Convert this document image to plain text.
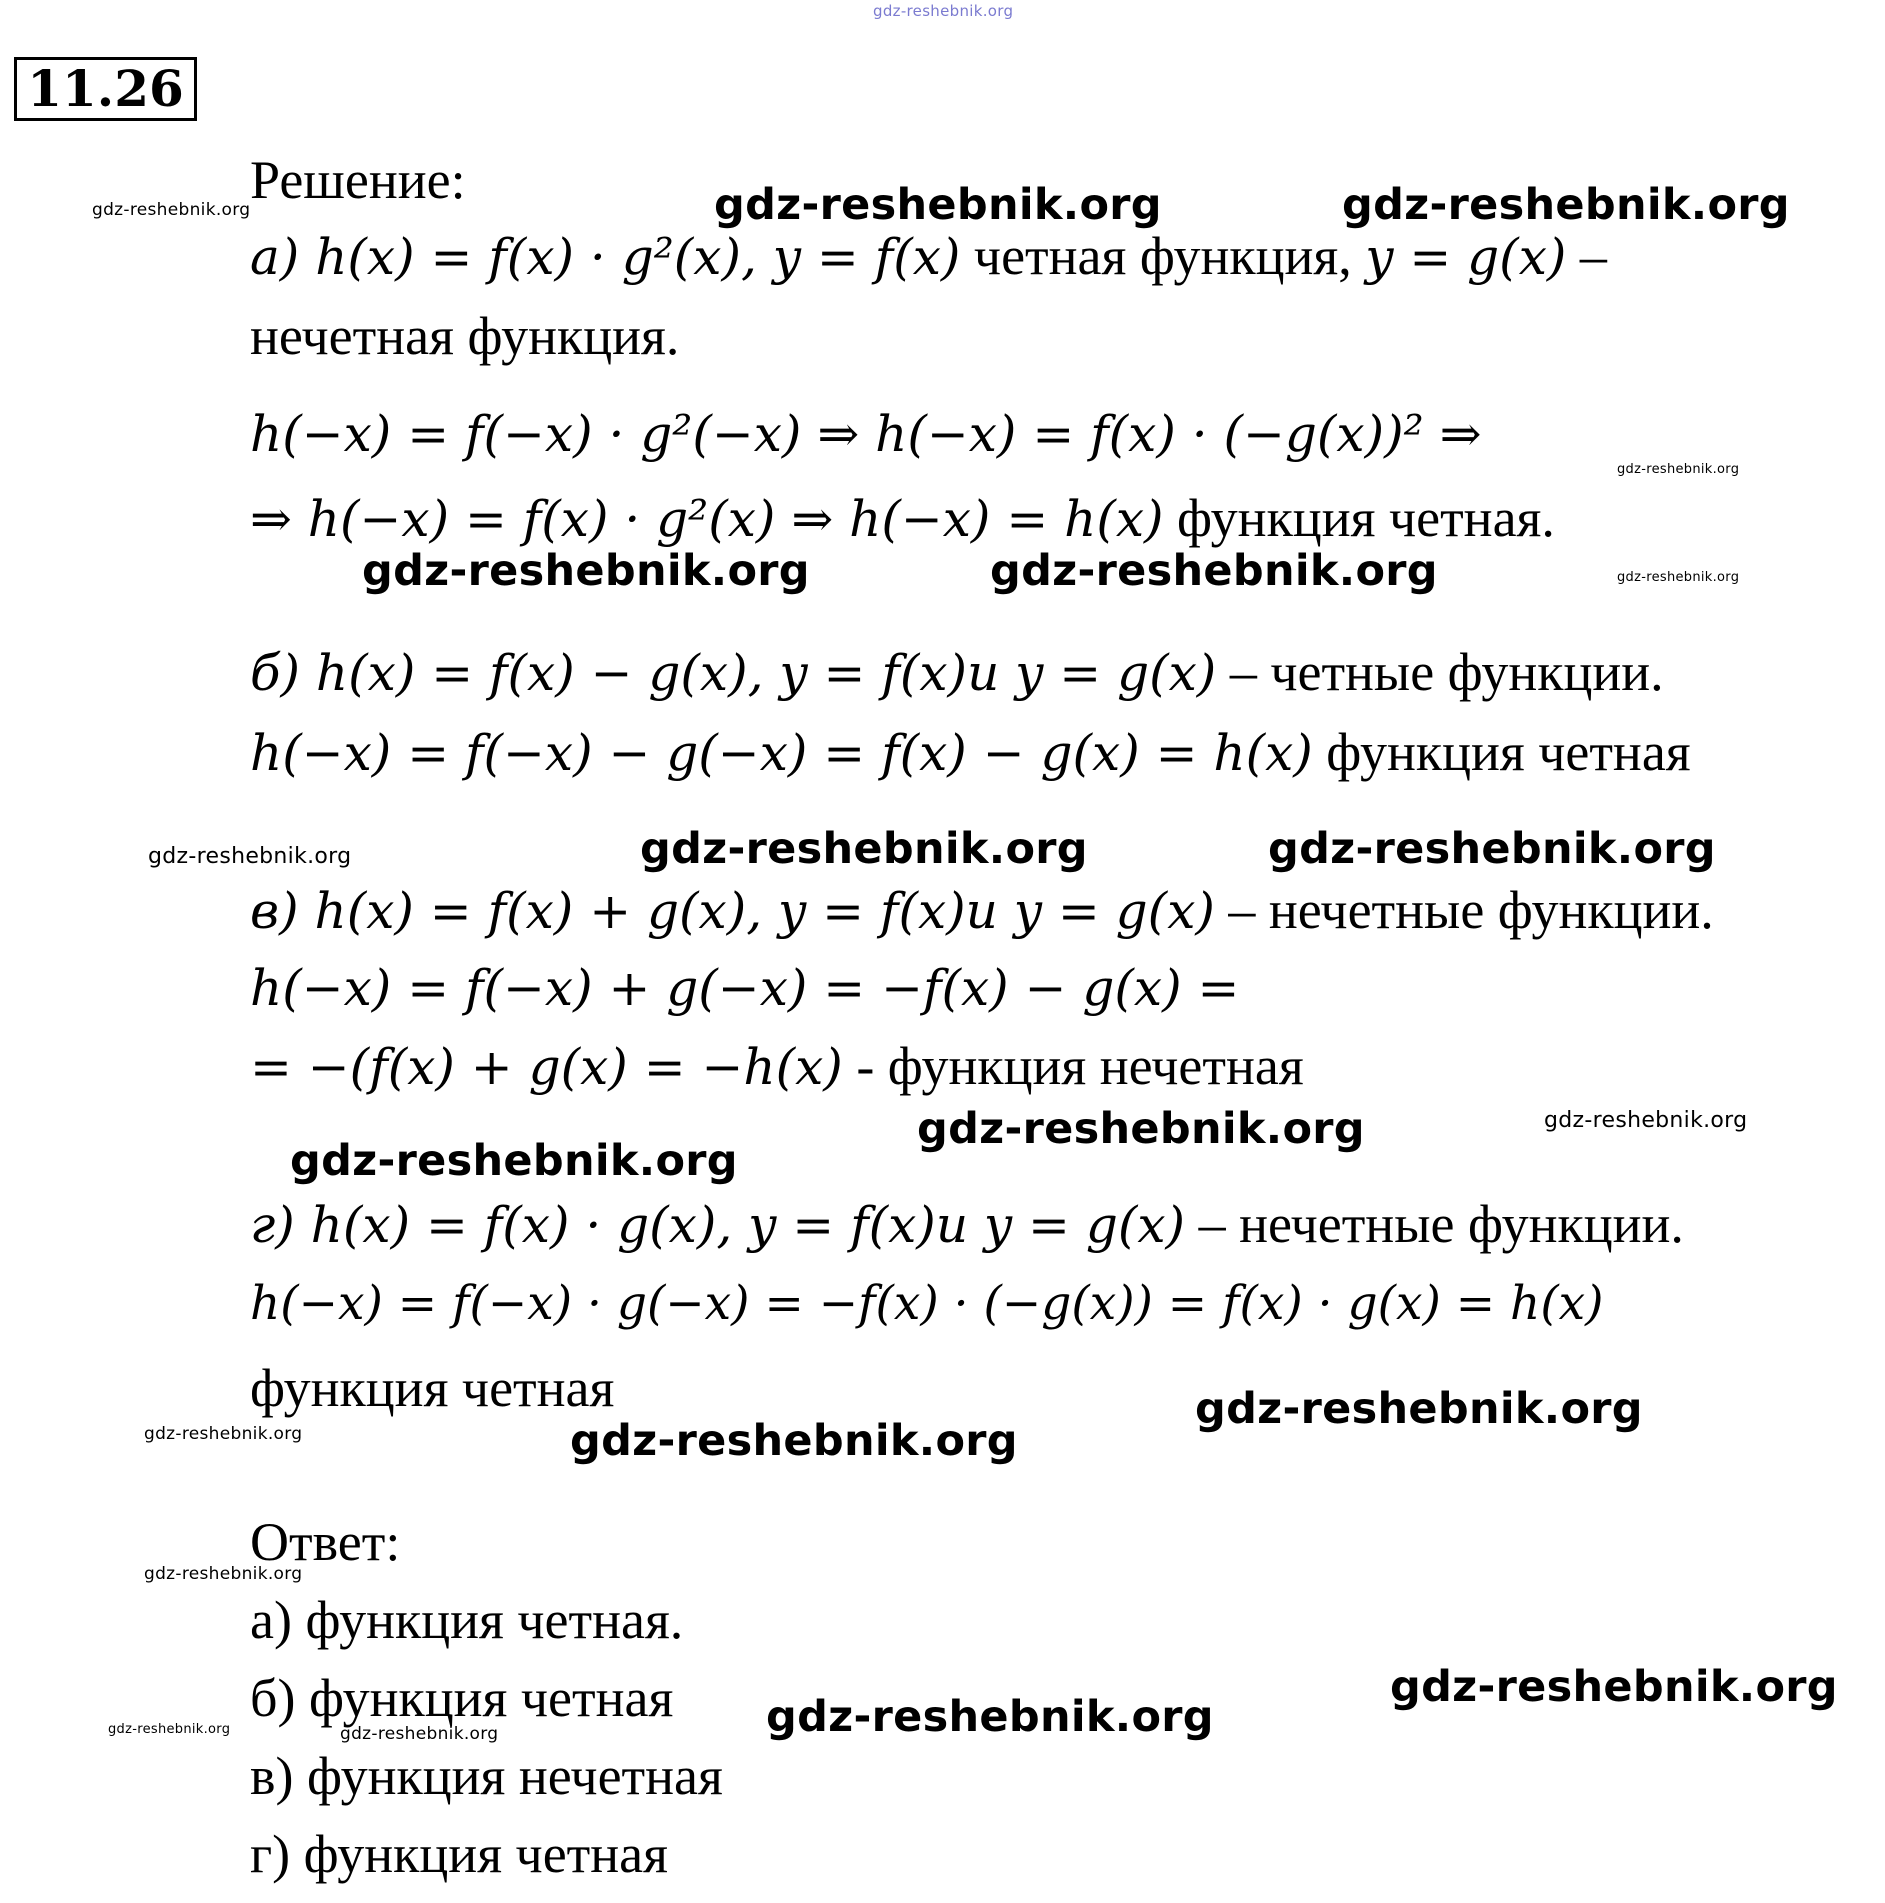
gdz-reshebnik.org
11.26
Решение:
а) h(x) = f(x) · g²(x), y = f(x) четная функция, y = g(x) –
нечетная функция.
h(−x) = f(−x) · g²(−x) ⇒ h(−x) = f(x) · (−g(x))² ⇒
⇒ h(−x) = f(x) · g²(x) ⇒ h(−x) = h(x) функция четная.
б) h(x) = f(x) − g(x), y = f(x)и y = g(x) – четные функции.
h(−x) = f(−x) − g(−x) = f(x) − g(x) = h(x) функция четная
в) h(x) = f(x) + g(x), y = f(x)и y = g(x) – нечетные функции.
h(−x) = f(−x) + g(−x) = −f(x) − g(x) =
= −(f(x) + g(x) = −h(x) - функция нечетная
г) h(x) = f(x) · g(x), y = f(x)и y = g(x) – нечетные функции.
h(−x) = f(−x) · g(−x) = −f(x) · (−g(x)) = f(x) · g(x) = h(x)
функция четная
Ответ:
а) функция четная.
б) функция четная
в) функция нечетная
г) функция четная
gdz-reshebnik.org	gdz-reshebnik.org	gdz-reshebnik.org
gdz-reshebnik.org
gdz-reshebnik.org	gdz-reshebnik.org	gdz-reshebnik.org
gdz-reshebnik.org	gdz-reshebnik.org	gdz-reshebnik.org
gdz-reshebnik.org
gdz-reshebnik.org
gdz-reshebnik.org
gdz-reshebnik.org
gdz-reshebnik.org	gdz-reshebnik.org
gdz-reshebnik.org
gdz-reshebnik.org
gdz-reshebnik.org
gdz-reshebnik.org	gdz-reshebnik.org
